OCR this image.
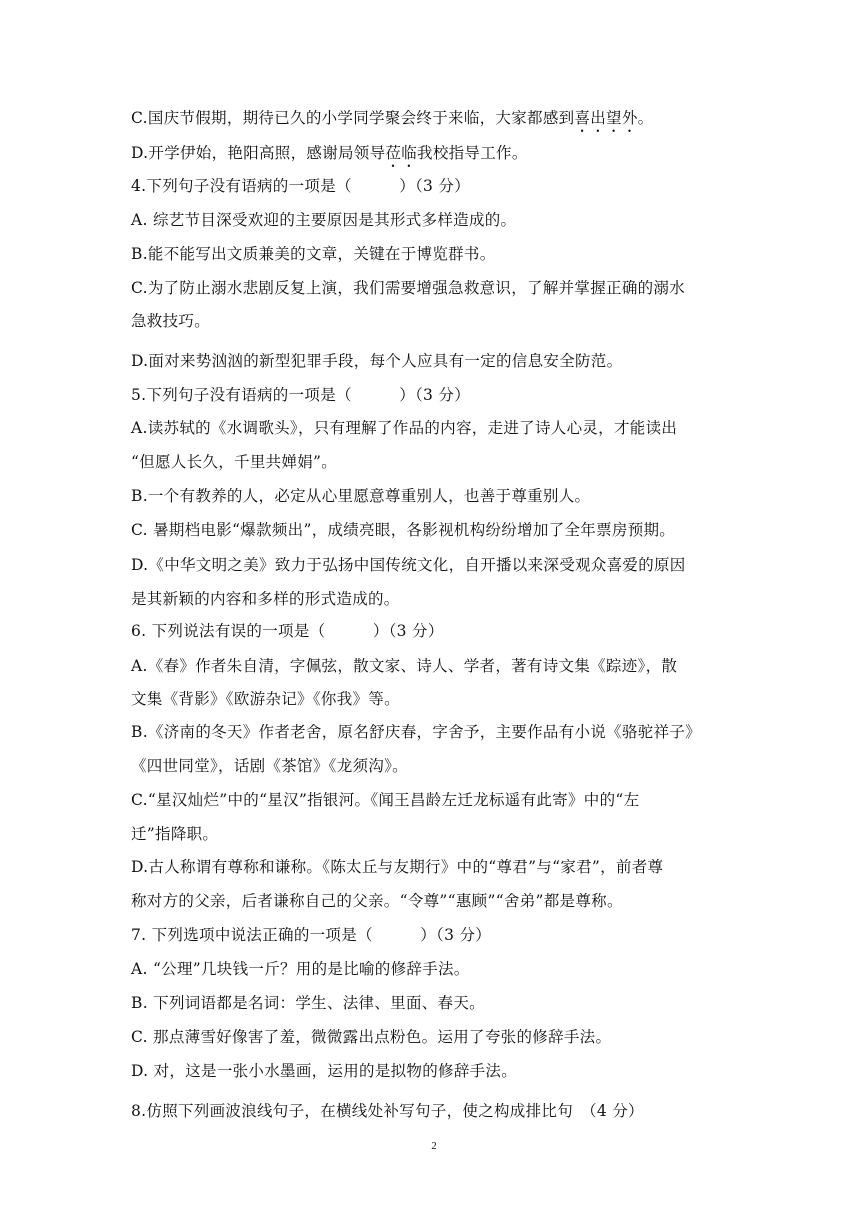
C.国庆节假期，期待已久的小学同学聚会终于来临，大家都感到喜出望外。
D.开学伊始，艳阳高照，感谢局领导莅临我校指导工作。
4.下列句子没有语病的一项是（　　　）（3 分）
A. 综艺节目深受欢迎的主要原因是其形式多样造成的。
B.能不能写出文质兼美的文章，关键在于博览群书。
C.为了防止溺水悲剧反复上演，我们需要增强急救意识，了解并掌握正确的溺水
急救技巧。
D.面对来势汹汹的新型犯罪手段，每个人应具有一定的信息安全防范。
5.下列句子没有语病的一项是（　　　）（3 分）
A.读苏轼的《水调歌头》，只有理解了作品的内容，走进了诗人心灵，才能读出
“但愿人长久，千里共婵娟”。
B.一个有教养的人，必定从心里愿意尊重别人，也善于尊重别人。
C. 暑期档电影“爆款频出”，成绩亮眼，各影视机构纷纷增加了全年票房预期。
D.《中华文明之美》致力于弘扬中国传统文化，自开播以来深受观众喜爱的原因
是其新颖的内容和多样的形式造成的。
6. 下列说法有误的一项是（　　　）（3 分）
A.《春》作者朱自清，字佩弦，散文家、诗人、学者，著有诗文集《踪迹》，散
文集《背影》《欧游杂记》《你我》等。
B.《济南的冬天》作者老舍，原名舒庆春，字舍予，主要作品有小说《骆驼祥子》
《四世同堂》，话剧《茶馆》《龙须沟》。
C.“星汉灿烂”中的“星汉”指银河。《闻王昌龄左迁龙标遥有此寄》中的“左
迁”指降职。
D.古人称谓有尊称和谦称。《陈太丘与友期行》中的“尊君”与“家君”，前者尊
称对方的父亲，后者谦称自己的父亲。“令尊”“惠顾”“舍弟”都是尊称。
7. 下列选项中说法正确的一项是（　　　）（3 分）
A. “公理”几块钱一斤？用的是比喻的修辞手法。
B. 下列词语都是名词：学生、法律、里面、春天。
C. 那点薄雪好像害了羞，微微露出点粉色。运用了夸张的修辞手法。
D. 对，这是一张小水墨画，运用的是拟物的修辞手法。
8.仿照下列画波浪线句子，在横线处补写句子，使之构成排比句　（4 分）
2
